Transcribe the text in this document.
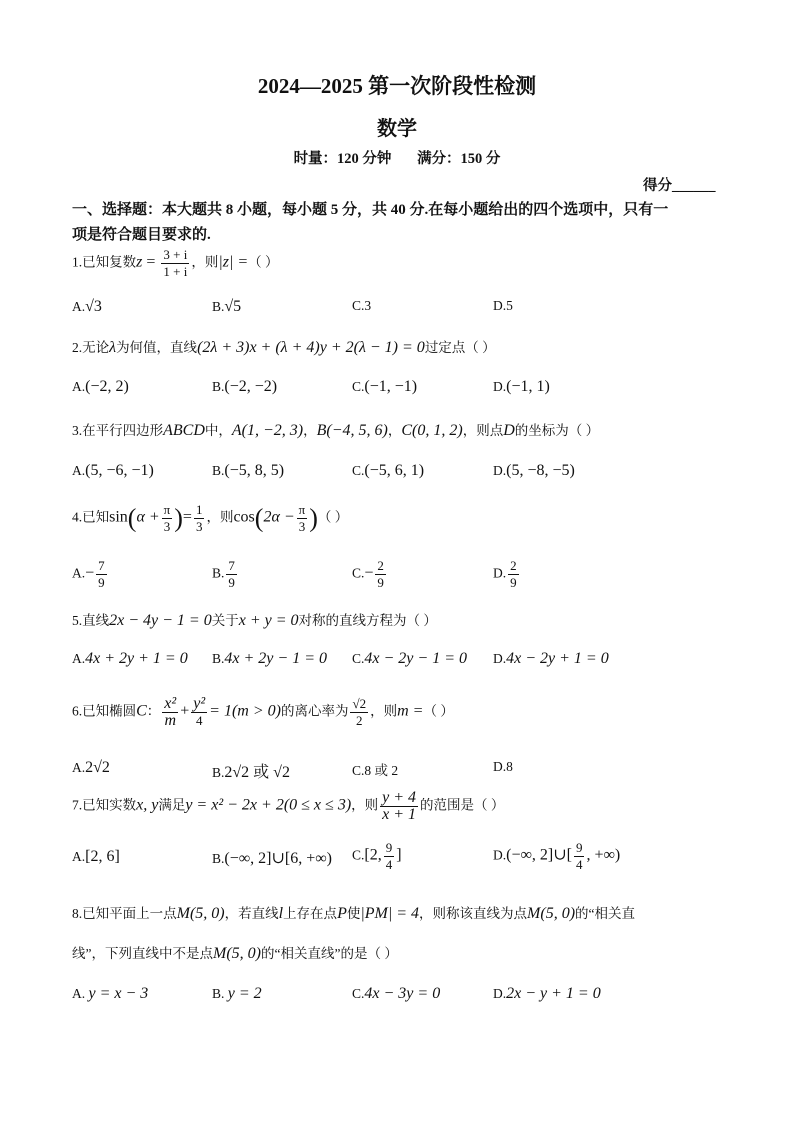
2024—2025 第一次阶段性检测
数学
时量：120 分钟 满分：150 分
得分______
一、选择题：本大题共 8 小题，每小题 5 分，共 40 分.在每小题给出的四个选项中，只有一
项是符合题目要求的.
1.已知复数$z = \frac{3 + i}{1 + i}$ ，则|z| =（ ）
A.√3	B.√5	C.3	D.5
2.无论λ为何值，直线(2λ + 3)x + (λ + 4)y + 2(λ − 1) = 0过定点（ ）
A.(−2, 2)	B.(−2, −2)	C.(−1, −1)	D.(−1, 1)
3.在平行四边形ABCD中，A(1, −2, 3)，B(−4, 5, 6)，C(0, 1, 2)，则点D的坐标为（ ）
A.(5, −6, −1)	B.(−5, 8, 5)	C.(−5, 6, 1)	D.(5, −8, −5)
4.已知$\sin(\alpha + \frac{\pi}{3}$ )= $\frac{1}{3}$ ，则$\cos(2\alpha - \frac{\pi}{3}$ )（ ）
$A.- \frac{7}{9}$	B. $\frac{7}{9}$	$C.- \frac{2}{9}$	D. $\frac{2}{9}$
5.直线2x − 4y − 1 = 0关于x + y = 0对称的直线方程为（ ）
A.4x + 2y + 1 = 0 B.4x + 2y − 1 = 0 C.4x − 2y − 1 = 0 D.4x − 2y + 1 = 0
6.已知椭圆C： $\frac{\text{x²}}{m} + \frac{\text{y²}}{4} = 1(m > 0)$的离心率为 $\frac{√2}{2}$ ，则m =（ ）
A.2√2	B.2√2 或 √2	C.8 或 2	D.8
7.已知实数x, y满足y = x² − 2x + 2(0 ≤ x ≤ 3)，则 $\frac{y + 4}{x + 1}$ 的范围是（ ）
A.[2, 6]	B.(−∞, 2]∪[6, +∞) C.[2, $\frac{9}{4}$ ]	D.(−∞, 2]∪[ $\frac{9}{4}$ , +∞)
8.已知平面上一点M(5, 0)，若直线l上存在点P使|PM| = 4，则称该直线为点M(5, 0)的“相关直
线”，下列直线中不是点M(5, 0)的“相关直线”的是（ ）
A. y = x − 3	B. y = 2	C.4x − 3y = 0	D.2x − y + 1 = 0
